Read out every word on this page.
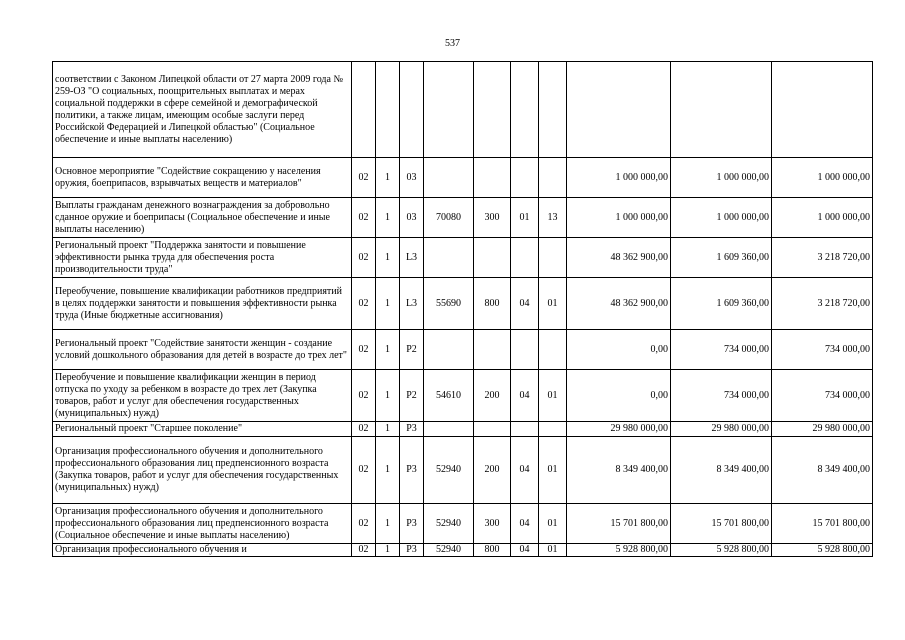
537
соответствии с Законом Липецкой области от 27 марта 2009 года № 259-ОЗ "О социальных, поощрительных выплатах и мерах социальной поддержки в сфере семейной и демографической политики, а также лицам, имеющим особые заслуги перед Российской Федерацией и Липецкой областью" (Социальное обеспечение и иные выплаты населению)										
Основное мероприятие "Содействие сокращению у населения оружия, боеприпасов, взрывчатых веществ и материалов"	02	1	03					1 000 000,00	1 000 000,00	1 000 000,00
Выплаты гражданам денежного вознаграждения за добровольно сданное оружие и боеприпасы (Социальное обеспечение и иные выплаты населению)	02	1	03	70080	300	01	13	1 000 000,00	1 000 000,00	1 000 000,00
Региональный проект "Поддержка занятости и повышение эффективности рынка труда для обеспечения роста производительности труда"	02	1	L3					48 362 900,00	1 609 360,00	3 218 720,00
Переобучение, повышение квалификации работников предприятий в целях поддержки занятости и повышения эффективности рынка труда (Иные бюджетные ассигнования)	02	1	L3	55690	800	04	01	48 362 900,00	1 609 360,00	3 218 720,00
Региональный проект "Содействие занятости женщин - создание условий дошкольного образования для детей в возрасте до трех лет"	02	1	P2					0,00	734 000,00	734 000,00
Переобучение и повышение квалификации женщин в период отпуска по уходу за ребенком в возрасте до трех лет (Закупка товаров, работ и услуг для обеспечения государственных (муниципальных) нужд)	02	1	P2	54610	200	04	01	0,00	734 000,00	734 000,00
Региональный проект "Старшее поколение"	02	1	P3					29 980 000,00	29 980 000,00	29 980 000,00
Организация профессионального обучения и дополнительного профессионального образования лиц предпенсионного возраста (Закупка товаров, работ и услуг для обеспечения государственных (муниципальных) нужд)	02	1	P3	52940	200	04	01	8 349 400,00	8 349 400,00	8 349 400,00
Организация профессионального обучения и дополнительного профессионального образования лиц предпенсионного возраста (Социальное обеспечение и иные выплаты населению)	02	1	P3	52940	300	04	01	15 701 800,00	15 701 800,00	15 701 800,00
Организация профессионального обучения и	02	1	P3	52940	800	04	01	5 928 800,00	5 928 800,00	5 928 800,00
